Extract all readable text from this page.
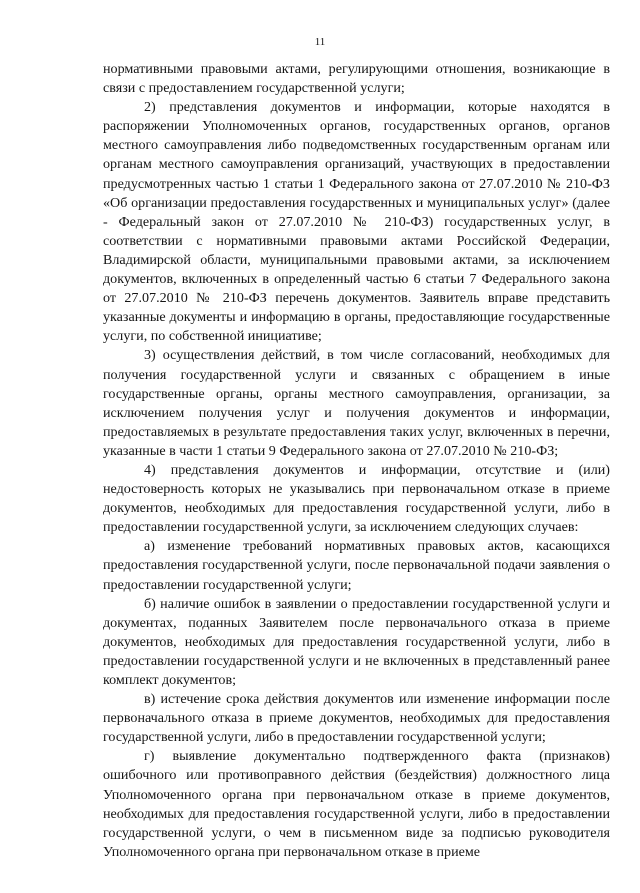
11

нормативными правовыми актами, регулирующими отношения, возникающие в связи с предоставлением государственной услуги;

2) представления документов и информации, которые находятся в распоряжении Уполномоченных органов, государственных органов, органов местного самоуправления либо подведомственных государственным органам или органам местного самоуправления организаций, участвующих в предоставлении предусмотренных частью 1 статьи 1 Федерального закона от 27.07.2010 № 210-ФЗ «Об организации предоставления государственных и муниципальных услуг» (далее - Федеральный закон от 27.07.2010 № 210-ФЗ) государственных услуг, в соответствии с нормативными правовыми актами Российской Федерации, Владимирской области, муниципальными правовыми актами, за исключением документов, включенных в определенный частью 6 статьи 7 Федерального закона от 27.07.2010 № 210-ФЗ перечень документов. Заявитель вправе представить указанные документы и информацию в органы, предоставляющие государственные услуги, по собственной инициативе;

3) осуществления действий, в том числе согласований, необходимых для получения государственной услуги и связанных с обращением в иные государственные органы, органы местного самоуправления, организации, за исключением получения услуг и получения документов и информации, предоставляемых в результате предоставления таких услуг, включенных в перечни, указанные в части 1 статьи 9 Федерального закона от 27.07.2010 № 210-ФЗ;

4) представления документов и информации, отсутствие и (или) недостоверность которых не указывались при первоначальном отказе в приеме документов, необходимых для предоставления государственной услуги, либо в предоставлении государственной услуги, за исключением следующих случаев:

а) изменение требований нормативных правовых актов, касающихся предоставления государственной услуги, после первоначальной подачи заявления о предоставлении государственной услуги;

б) наличие ошибок в заявлении о предоставлении государственной услуги и документах, поданных Заявителем после первоначального отказа в приеме документов, необходимых для предоставления государственной услуги, либо в предоставлении государственной услуги и не включенных в представленный ранее комплект документов;

в) истечение срока действия документов или изменение информации после первоначального отказа в приеме документов, необходимых для предоставления государственной услуги, либо в предоставлении государственной услуги;

г) выявление документально подтвержденного факта (признаков) ошибочного или противоправного действия (бездействия) должностного лица Уполномоченного органа при первоначальном отказе в приеме документов, необходимых для предоставления государственной услуги, либо в предоставлении государственной услуги, о чем в письменном виде за подписью руководителя Уполномоченного органа при первоначальном отказе в приеме
